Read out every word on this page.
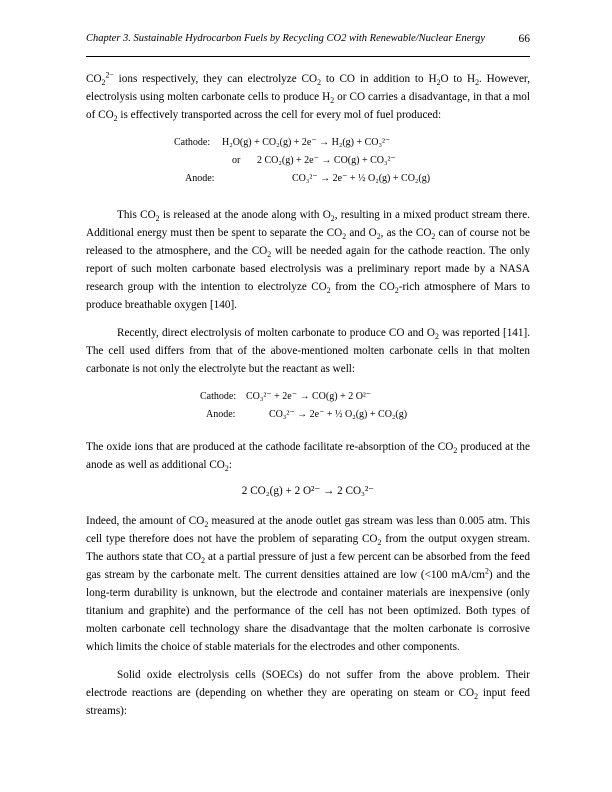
Chapter 3. Sustainable Hydrocarbon Fuels by Recycling CO2 with Renewable/Nuclear Energy	66

$CO_2^{2-}$ ions respectively, they can electrolyze $CO_2$ to CO in addition to $H_2O$ to $H_2$. However, electrolysis using molten carbonate cells to produce $H_2$ or CO carries a disadvantage, in that a mol of $CO_2$ is effectively transported across the cell for every mol of fuel produced:

Cathode: H₂O(g) + CO₂(g) + 2e⁻ → H₂(g) + CO₃²⁻
or 2 CO₂(g) + 2e⁻ → CO(g) + CO₃²⁻
Anode:	CO₃²⁻ → 2e⁻ + ½ O₂(g) + CO₂(g)

This $CO_2$ is released at the anode along with $O_2$, resulting in a mixed product stream there. Additional energy must then be spent to separate the $CO_2$ and $O_2$, as the $CO_2$ can of course not be released to the atmosphere, and the $CO_2$ will be needed again for the cathode reaction. The only report of such molten carbonate based electrolysis was a preliminary report made by a NASA research group with the intention to electrolyze $CO_2$ from the $CO_2$-rich atmosphere of Mars to produce breathable oxygen [140].

Recently, direct electrolysis of molten carbonate to produce CO and $O_2$ was reported [141]. The cell used differs from that of the above-mentioned molten carbonate cells in that molten carbonate is not only the electrolyte but the reactant as well:

Cathode: CO₃²⁻ + 2e⁻ → CO(g) + 2 O²⁻
Anode:	CO₃²⁻ → 2e⁻ + ½ O₂(g) + CO₂(g)

The oxide ions that are produced at the cathode facilitate re-absorption of the $CO_2$ produced at the anode as well as additional $CO_2$:

2 CO₂(g) + 2 O²⁻ → 2 CO₃²⁻

Indeed, the amount of $CO_2$ measured at the anode outlet gas stream was less than 0.005 atm. This cell type therefore does not have the problem of separating $CO_2$ from the output oxygen stream. The authors state that $CO_2$ at a partial pressure of just a few percent can be absorbed from the feed gas stream by the carbonate melt. The current densities attained are low (<100 $mA/cm^2$) and the long-term durability is unknown, but the electrode and container materials are inexpensive (only titanium and graphite) and the performance of the cell has not been optimized. Both types of molten carbonate cell technology share the disadvantage that the molten carbonate is corrosive which limits the choice of stable materials for the electrodes and other components.

Solid oxide electrolysis cells (SOECs) do not suffer from the above problem. Their electrode reactions are (depending on whether they are operating on steam or $CO_2$ input feed streams):
